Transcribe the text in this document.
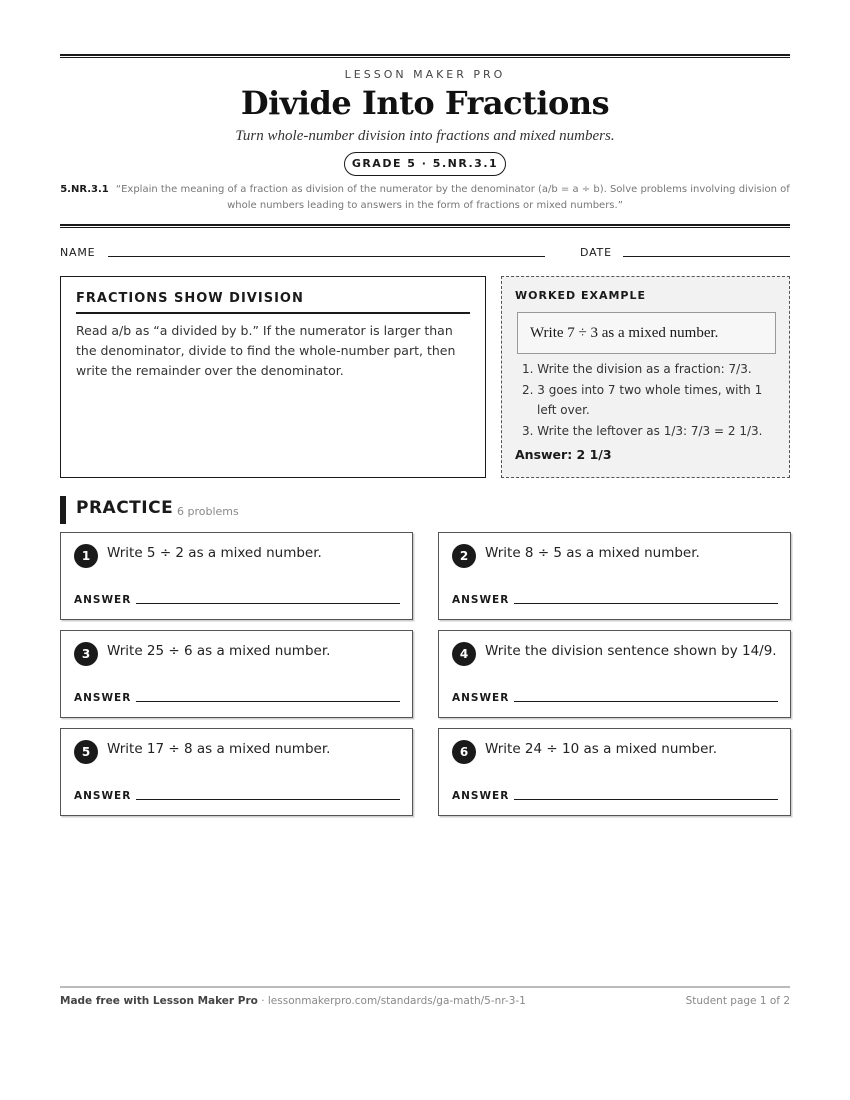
LESSON MAKER PRO
Divide Into Fractions
Turn whole-number division into fractions and mixed numbers.
GRADE 5 · 5.NR.3.1
5.NR.3.1 “Explain the meaning of a fraction as division of the numerator by the denominator (a/b = a ÷ b). Solve problems involving division of whole numbers leading to answers in the form of fractions or mixed numbers.”
NAME	DATE
FRACTIONS SHOW DIVISION

Read a/b as “a divided by b.” If the numerator is larger than the denominator, divide to find the whole-number part, then write the remainder over the denominator.

WORKED EXAMPLE
Write 7 ÷ 3 as a mixed number.
1. Write the division as a fraction: 7/3.
2. 3 goes into 7 two whole times, with 1 left over.
3. Write the leftover as 1/3: 7/3 = 2 1/3.
Answer: 2 1/3
PRACTICE 6 problems
1	Write 5 ÷ 2 as a mixed number.
ANSWER
2	Write 8 ÷ 5 as a mixed number.
ANSWER
3	Write 25 ÷ 6 as a mixed number.
ANSWER
4	Write the division sentence shown by 14/9.
ANSWER
5	Write 17 ÷ 8 as a mixed number.
ANSWER
6	Write 24 ÷ 10 as a mixed number.
ANSWER
Made free with Lesson Maker Pro · lessonmakerpro.com/standards/ga-math/5-nr-3-1	Student page 1 of 2
